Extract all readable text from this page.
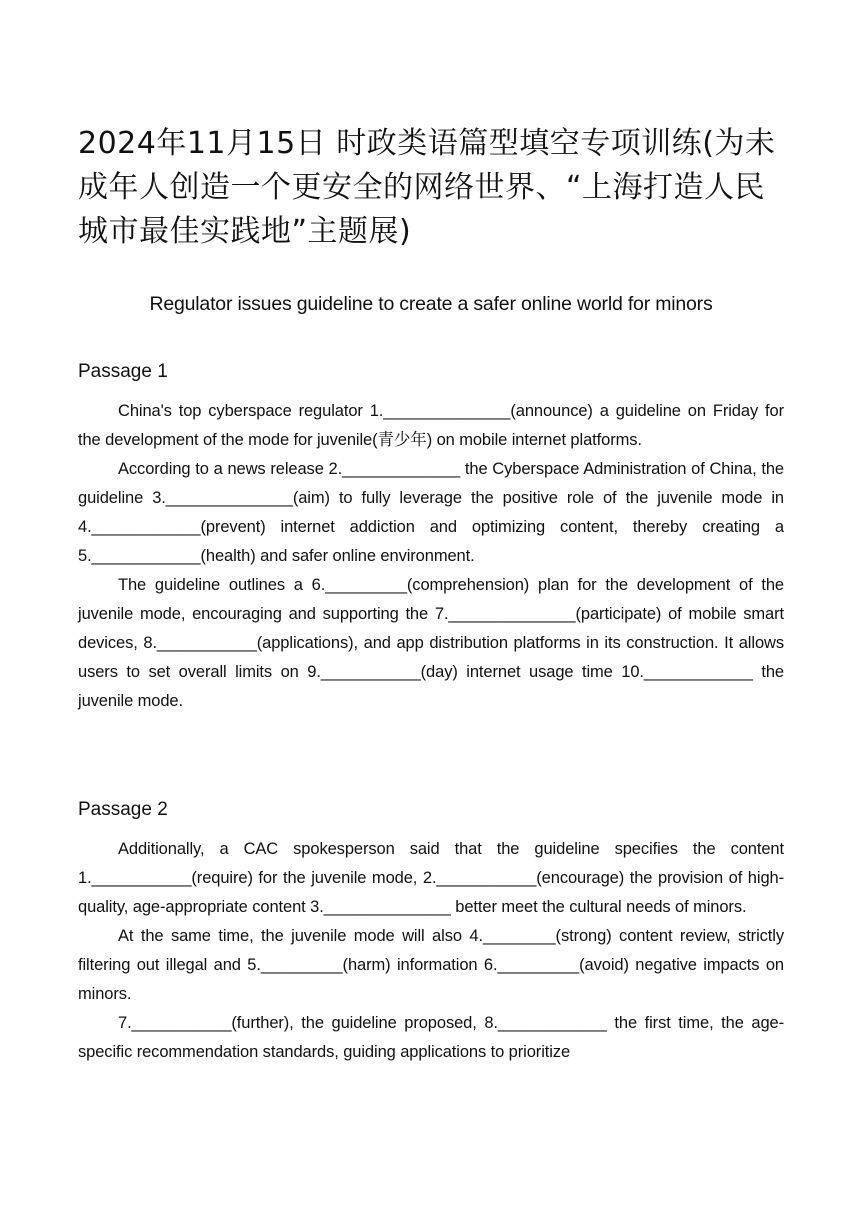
2024年11月15日 时政类语篇型填空专项训练(为未成年人创造一个更安全的网络世界、“上海打造人民城市最佳实践地”主题展)
Regulator issues guideline to create a safer online world for minors
Passage 1

China's top cyberspace regulator 1.______________(announce) a guideline on Friday for the development of the mode for juvenile(青少年) on mobile internet platforms.

According to a news release 2._____________ the Cyberspace Administration of China, the guideline 3.______________(aim) to fully leverage the positive role of the juvenile mode in 4.____________(prevent) internet addiction and optimizing content, thereby creating a 5.____________(health) and safer online environment.

The guideline outlines a 6._________(comprehension) plan for the development of the juvenile mode, encouraging and supporting the 7.______________(participate) of mobile smart devices, 8.___________(applications), and app distribution platforms in its construction. It allows users to set overall limits on 9.___________(day) internet usage time 10.____________ the juvenile mode.

Passage 2

Additionally, a CAC spokesperson said that the guideline specifies the content 1.___________(require) for the juvenile mode, 2.___________(encourage) the provision of high-quality, age-appropriate content 3.______________ better meet the cultural needs of minors.

At the same time, the juvenile mode will also 4.________(strong) content review, strictly filtering out illegal and 5._________(harm) information 6._________(avoid) negative impacts on minors.

7.___________(further), the guideline proposed, 8.____________ the first time, the age-specific recommendation standards, guiding applications to prioritize
